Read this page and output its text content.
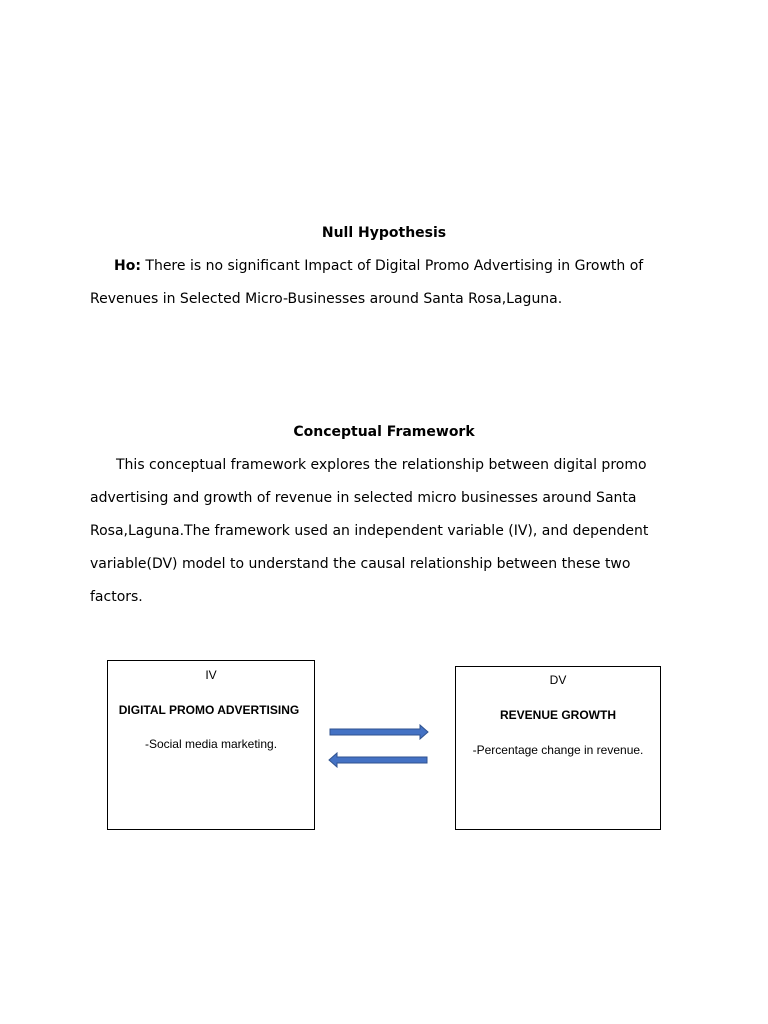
Null Hypothesis
Ho: There is no significant Impact of Digital Promo Advertising in Growth of
Revenues in Selected Micro-Businesses around Santa Rosa,Laguna.
Conceptual Framework
This conceptual framework explores the relationship between digital promo
advertising and growth of revenue in selected micro businesses around Santa
Rosa,Laguna.The framework used an independent variable (IV), and dependent
variable(DV) model to understand the causal relationship between these two
factors.
IV
DIGITAL PROMO ADVERTISING
-Social media marketing.
DV
REVENUE GROWTH
-Percentage change in revenue.
